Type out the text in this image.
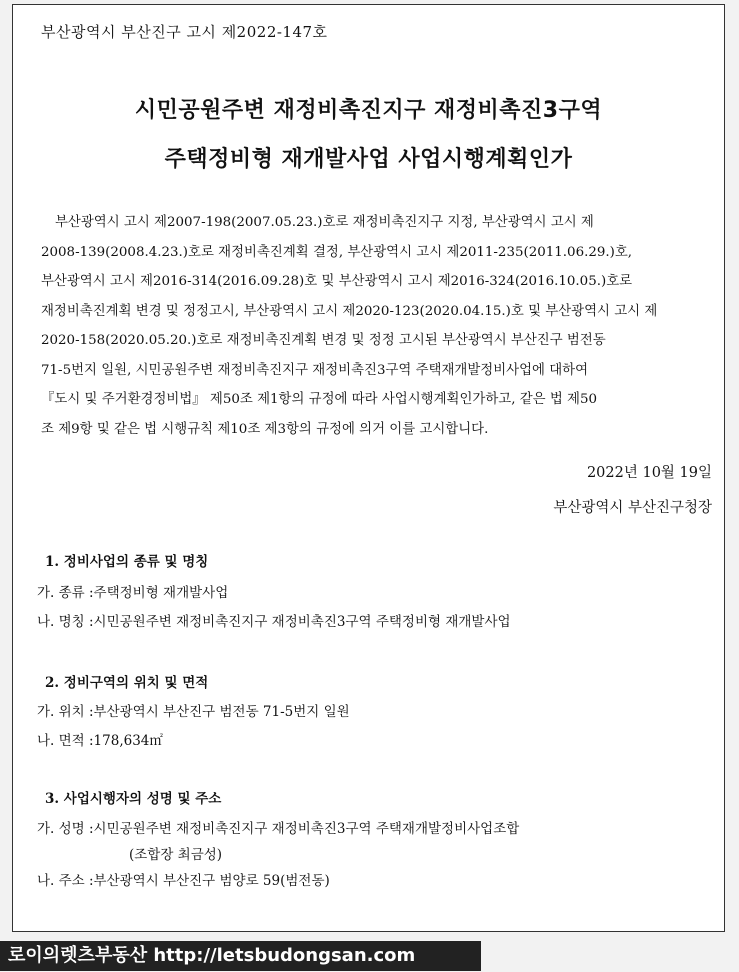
부산광역시 부산진구 고시 제2022-147호
시민공원주변 재정비촉진지구 재정비촉진3구역
주택정비형 재개발사업 사업시행계획인가
부산광역시 고시 제2007-198(2007.05.23.)호로 재정비촉진지구 지정, 부산광역시 고시 제
2008-139(2008.4.23.)호로 재정비촉진계획 결정, 부산광역시 고시 제2011-235(2011.06.29.)호,
부산광역시 고시 제2016-314(2016.09.28)호 및 부산광역시 고시 제2016-324(2016.10.05.)호로
재정비촉진계획 변경 및 정정고시, 부산광역시 고시 제2020-123(2020.04.15.)호 및 부산광역시 고시 제
2020-158(2020.05.20.)호로 재정비촉진계획 변경 및 정정 고시된 부산광역시 부산진구 범전동
71-5번지 일원, 시민공원주변 재정비촉진지구 재정비촉진3구역 주택재개발정비사업에 대하여
『도시 및 주거환경정비법』 제50조 제1항의 규정에 따라 사업시행계획인가하고, 같은 법 제50
조 제9항 및 같은 법 시행규칙 제10조 제3항의 규정에 의거 이를 고시합니다.
2022년 10월 19일
부산광역시 부산진구청장
1. 정비사업의 종류 및 명칭
가. 종류 :주택정비형 재개발사업
나. 명칭 :시민공원주변 재정비촉진지구 재정비촉진3구역 주택정비형 재개발사업
2. 정비구역의 위치 및 면적
가. 위치 :부산광역시 부산진구 범전동 71-5번지 일원
나. 면적 :178,634㎡
3. 사업시행자의 성명 및 주소
가. 성명 :시민공원주변 재정비촉진지구 재정비촉진3구역 주택재개발정비사업조합
(조합장 최금성)
나. 주소 :부산광역시 부산진구 범양로 59(범전동)
로이의렛츠부동산 http://letsbudongsan.com
